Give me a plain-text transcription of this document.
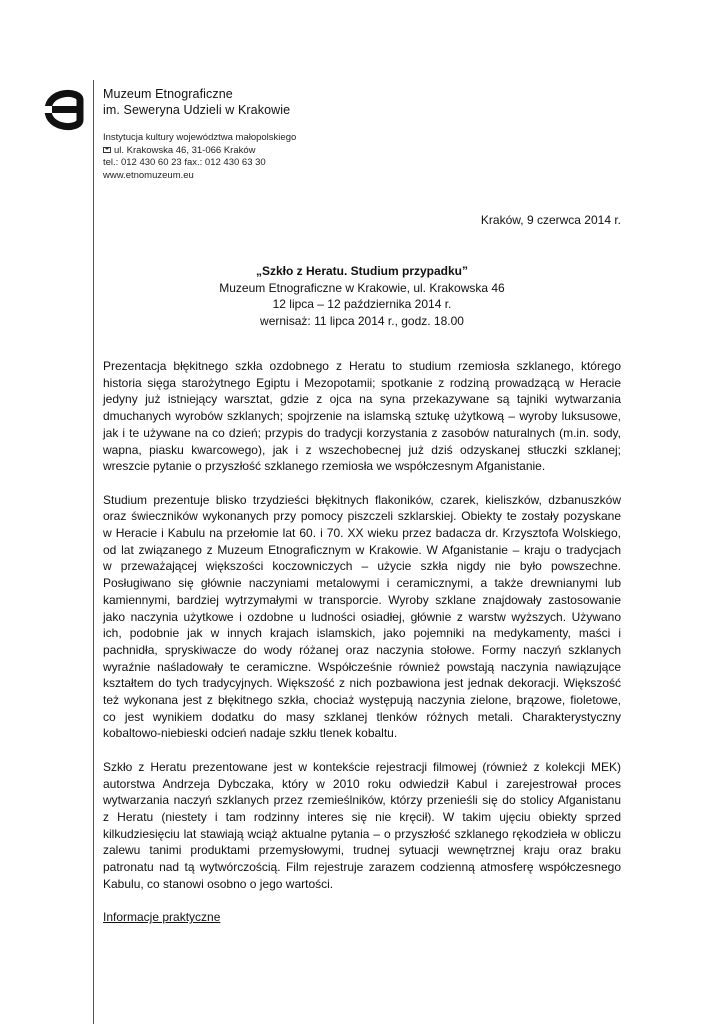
Muzeum Etnograficzne
im. Seweryna Udzieli w Krakowie
Instytucja kultury województwa małopolskiego
ul. Krakowska 46, 31-066 Kraków
tel.: 012 430 60 23 fax.: 012 430 63 30
www.etnomuzeum.eu
Kraków, 9 czerwca 2014 r.
„Szkło z Heratu. Studium przypadku”
Muzeum Etnograficzne w Krakowie, ul. Krakowska 46
12 lipca – 12 października 2014 r.
wernisaż: 11 lipca 2014 r., godz. 18.00

Prezentacja błękitnego szkła ozdobnego z Heratu to studium rzemiosła szklanego, którego
historia sięga starożytnego Egiptu i Mezopotamii; spotkanie z rodziną prowadzącą w Heracie
jedyny już istniejący warsztat, gdzie z ojca na syna przekazywane są tajniki wytwarzania
dmuchanych wyrobów szklanych; spojrzenie na islamską sztukę użytkową – wyroby luksusowe,
jak i te używane na co dzień; przypis do tradycji korzystania z zasobów naturalnych (m.in. sody,
wapna, piasku kwarcowego), jak i z wszechobecnej już dziś odzyskanej stłuczki szklanej;
wreszcie pytanie o przyszłość szklanego rzemiosła we współczesnym Afganistanie.

Studium prezentuje blisko trzydzieści błękitnych flakoników, czarek, kieliszków, dzbanuszków
oraz świeczników wykonanych przy pomocy piszczeli szklarskiej. Obiekty te zostały pozyskane
w Heracie i Kabulu na przełomie lat 60. i 70. XX wieku przez badacza dr. Krzysztofa Wolskiego,
od lat związanego z Muzeum Etnograficznym w Krakowie. W Afganistanie – kraju o tradycjach
w przeważającej większości koczowniczych – użycie szkła nigdy nie było powszechne.
Posługiwano się głównie naczyniami metalowymi i ceramicznymi, a także drewnianymi lub
kamiennymi, bardziej wytrzymałymi w transporcie. Wyroby szklane znajdowały zastosowanie
jako naczynia użytkowe i ozdobne u ludności osiadłej, głównie z warstw wyższych. Używano
ich, podobnie jak w innych krajach islamskich, jako pojemniki na medykamenty, maści i
pachnidła, spryskiwacze do wody różanej oraz naczynia stołowe. Formy naczyń szklanych
wyraźnie naśladowały te ceramiczne. Współcześnie również powstają naczynia nawiązujące
kształtem do tych tradycyjnych. Większość z nich pozbawiona jest jednak dekoracji. Większość
też wykonana jest z błękitnego szkła, chociaż występują naczynia zielone, brązowe, fioletowe,
co jest wynikiem dodatku do masy szklanej tlenków różnych metali. Charakterystyczny
kobaltowo-niebieski odcień nadaje szkłu tlenek kobaltu.

Szkło z Heratu prezentowane jest w kontekście rejestracji filmowej (również z kolekcji MEK)
autorstwa Andrzeja Dybczaka, który w 2010 roku odwiedził Kabul i zarejestrował proces
wytwarzania naczyń szklanych przez rzemieślników, którzy przenieśli się do stolicy Afganistanu
z Heratu (niestety i tam rodzinny interes się nie kręcił). W takim ujęciu obiekty sprzed
kilkudziesięciu lat stawiają wciąż aktualne pytania – o przyszłość szklanego rękodzieła w obliczu
zalewu tanimi produktami przemysłowymi, trudnej sytuacji wewnętrznej kraju oraz braku
patronatu nad tą wytwórczością. Film rejestruje zarazem codzienną atmosferę współczesnego
Kabulu, co stanowi osobno o jego wartości.

Informacje praktyczne
